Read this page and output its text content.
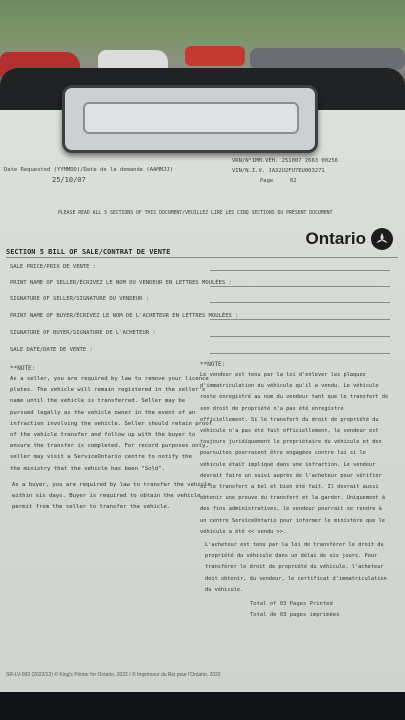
Ontario
Date Requested (YYMMDD)/Date de la demande (AAMMJJ)
25/10/07
VRN/N°IMM.VÉH. 251007 2663 00256
VIN/N.I.V. JA32U2FU7EU003271
Page	02
PLEASE READ ALL 5 SECTIONS OF THIS DOCUMENT/VEUILLEZ LIRE LES CINQ SECTIONS DU PRÉSENT DOCUMENT
SECTION 5 BILL OF SALE/CONTRAT DE VENTE
SALE PRICE/PRIX DE VENTE :
PRINT NAME OF SELLER/ÉCRIVEZ LE NOM DU VENDEUR EN LETTRES MOULÉES :
SIGNATURE OF SELLER/SIGNATURE DU VENDEUR :
PRINT NAME OF BUYER/ÉCRIVEZ LE NOM DE L'ACHETEUR EN LETTRES MOULÉES :
SIGNATURE OF BUYER/SIGNATURE DE L'ACHETEUR :
SALE DATE/DATE DE VENTE :
**NOTE:
As a seller, you are required by law to remove your licence
plates. The vehicle will remain registered in the seller's
name until the vehicle is transferred. Seller may be
pursued legally as the vehicle owner in the event of an
infraction involving the vehicle. Seller should retain proof
of the vehicle transfer and follow up with the buyer to
ensure the transfer is completed. For record purposes only,
seller may visit a ServiceOntario centre to notify the
the ministry that the vehicle has been "Sold".
As a buyer, you are required by law to transfer the vehicle
within six days. Buyer is required to obtain the vehicle
permit from the seller to transfer the vehicle.
**NOTE:
Le vendeur est tenu par la loi d'enlever les plaques
d'immatriculation du véhicule qu'il a vendu. Le véhicule
reste enregistré au nom du vendeur tant que le transfert de
son droit de propriété n'a pas été enregistré
officiellement. Si le transfert du droit de propriété du
véhicule n'a pas été fait officiellement, le vendeur est
toujours juridiquement le propriétaire du véhicule et des
poursuites pourraient être engagées contre lui si le
véhicule était impliqué dans une infraction. Le vendeur
devrait faire un suivi auprès de l'acheteur pour vérifier
si le transfert a bel et bien été fait. Il devrait aussi
obtenir une preuve du transfert et la garder. Uniquement à
des fins administratives, le vendeur pourrait se rendre à
un centre ServiceOntario pour informer le ministère que le
véhicule a été << vendu >>.
L'acheteur est tenu par la loi de transférer le droit du
propriété du véhicule dans un délai de six jours. Pour
transférer le droit de propriété du véhicule, l'acheteur
doit obtenir, du vendeur, le certificat d'immatriculation
du véhicule.
Total of 03 Pages Printed
Total de 03 pages imprimées
SR-LV-003 (2022/12) © King's Printer for Ontario, 2022 / © Imprimeur du Roi pour l'Ontario, 2022
